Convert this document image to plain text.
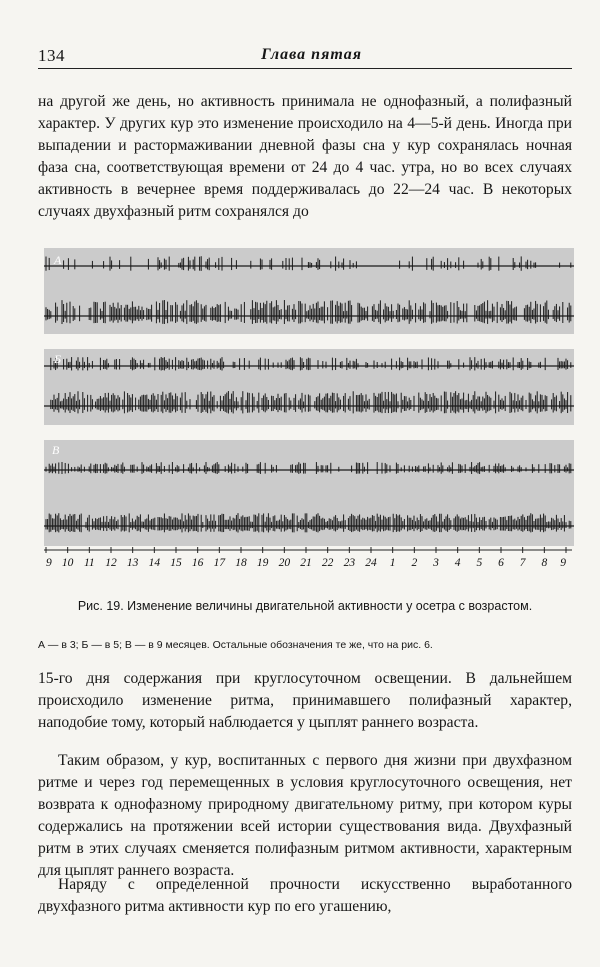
134	Глава пятая
на другой же день, но активность принимала не однофазный, а полифазный характер. У других кур это изменение происходило на 4—5-й день. Иногда при выпадении и растормаживании дневной фазы сна у кур сохранялась ночная фаза сна, соответствующая времени от 24 до 4 час. утра, но во всех случаях активность в вечернее время поддерживалась до 22—24 час. В некоторых случаях двухфазный ритм сохранялся до
А
Б
В
9 10 11 12 13 14 15 16 17 18 19 20 21 22 23 24 1 2 3 4 5 6 7 8 9
Рис. 19. Изменение величины двигательной активности у осетра с возрастом.
А — в 3; Б — в 5; В — в 9 месяцев. Остальные обозначения те же, что на рис. 6.
15-го дня содержания при круглосуточном освещении. В дальнейшем происходило изменение ритма, принимавшего полифазный характер, наподобие тому, который наблюдается у цыплят раннего возраста.
Таким образом, у кур, воспитанных с первого дня жизни при двухфазном ритме и через год перемещенных в условия круглосуточного освещения, нет возврата к однофазному природному двигательному ритму, при котором куры содержались на протяжении всей истории существования вида. Двухфазный ритм в этих случаях сменяется полифазным ритмом активности, характерным для цыплят раннего возраста.
Наряду с определенной прочности искусственно выработанного двухфазного ритма активности кур по его угашению,
